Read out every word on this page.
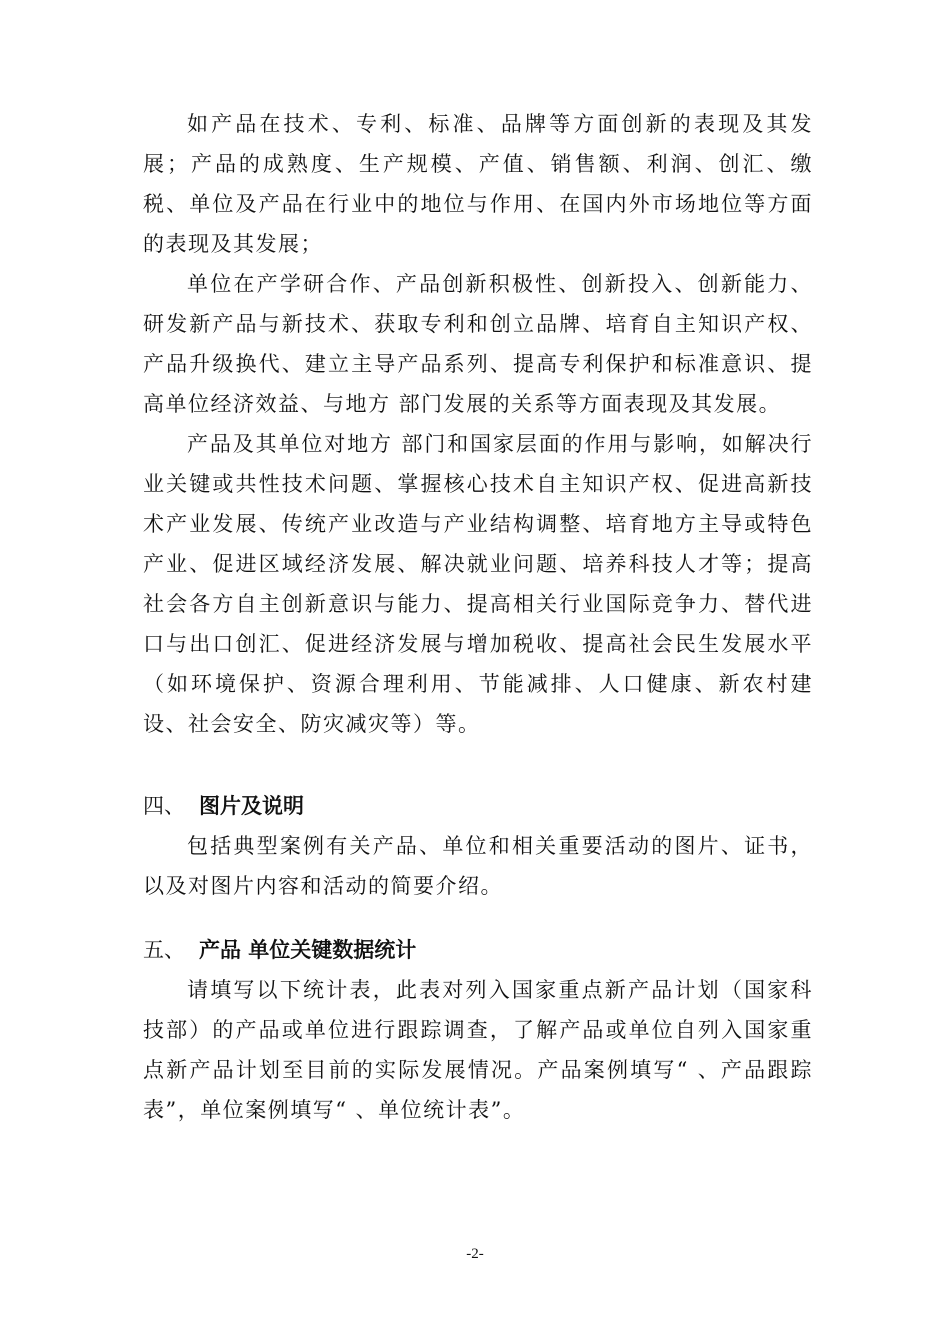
如产品在技术、专利、标准、品牌等方面创新的表现及其发展；产品的成熟度、生产规模、产值、销售额、利润、创汇、缴税、单位及产品在行业中的地位与作用、在国内外市场地位等方面的表现及其发展；

单位在产学研合作、产品创新积极性、创新投入、创新能力、研发新产品与新技术、获取专利和创立品牌、培育自主知识产权、产品升级换代、建立主导产品系列、提高专利保护和标准意识、提高单位经济效益、与地方 部门发展的关系等方面表现及其发展。

产品及其单位对地方 部门和国家层面的作用与影响，如解决行业关键或共性技术问题、掌握核心技术自主知识产权、促进高新技术产业发展、传统产业改造与产业结构调整、培育地方主导或特色产业、促进区域经济发展、解决就业问题、培养科技人才等；提高社会各方自主创新意识与能力、提高相关行业国际竞争力、替代进口与出口创汇、促进经济发展与增加税收、提高社会民生发展水平（如环境保护、资源合理利用、节能减排、人口健康、新农村建设、社会安全、防灾减灾等）等。

四、 图片及说明

包括典型案例有关产品、单位和相关重要活动的图片、证书，以及对图片内容和活动的简要介绍。

五、 产品 单位关键数据统计

请填写以下统计表，此表对列入国家重点新产品计划（国家科技部）的产品或单位进行跟踪调查，了解产品或单位自列入国家重点新产品计划至目前的实际发展情况。产品案例填写“ 、产品跟踪表”，单位案例填写“ 、单位统计表”。

-2-
